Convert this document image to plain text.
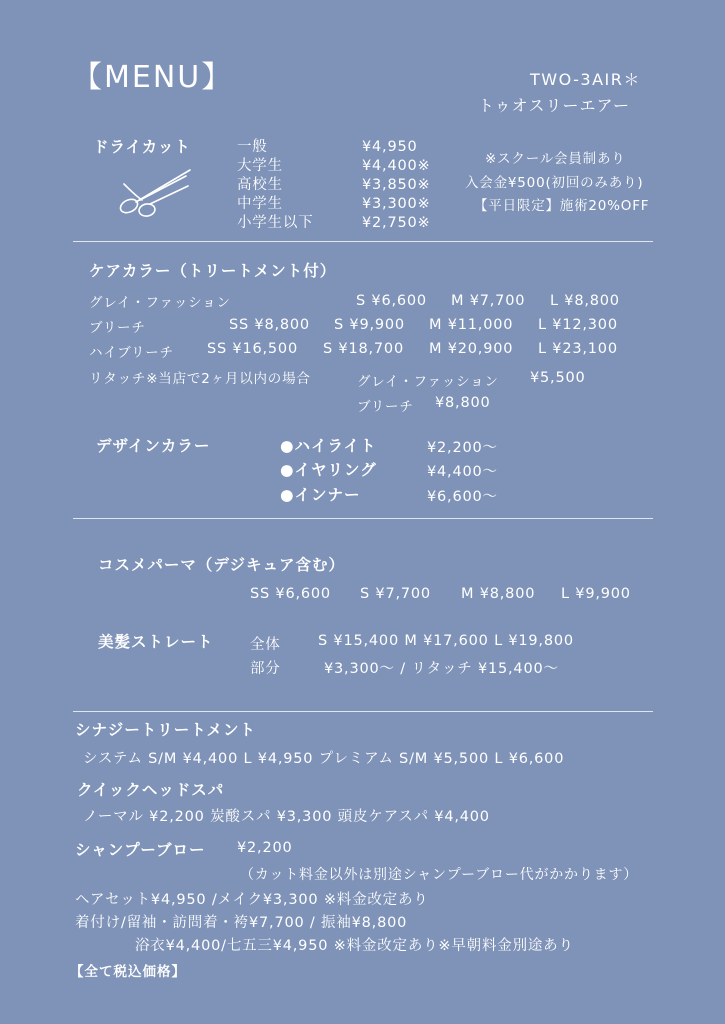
【MENU】	TWO-3AIR＊
トゥオスリーエアー
ドライカット	一般	¥4,950
大学生	¥4,400※
高校生	¥3,850※
中学生	¥3,300※
小学生以下	¥2,750※
※スクール会員制あり
入会金¥500(初回のみあり)
【平日限定】施術20%OFF
ケアカラー（トリートメント付）
グレイ・ファッション	S ¥6,600 M ¥7,700 L ¥8,800
ブリーチ	SS ¥8,800 S ¥9,900 M ¥11,000 L ¥12,300
ハイブリーチ SS ¥16,500 S ¥18,700 M ¥20,900 L ¥23,100
リタッチ※当店で2ヶ月以内の場合	グレイ・ファッション ¥5,500
ブリーチ ¥8,800
デザインカラー	●ハイライト	¥2,200〜
●イヤリング	¥4,400〜
●インナー	¥6,600〜
コスメパーマ（デジキュア含む）
SS ¥6,600 S ¥7,700 M ¥8,800 L ¥9,900
美髪ストレート	全体	S ¥15,400 M ¥17,600 L ¥19,800
部分	¥3,300〜 / リタッチ ¥15,400〜
シナジートリートメント
システム S/M ¥4,400 L ¥4,950 プレミアム S/M ¥5,500 L ¥6,600
クイックヘッドスパ
ノーマル ¥2,200 炭酸スパ ¥3,300 頭皮ケアスパ ¥4,400
シャンプーブロー ¥2,200
（カット料金以外は別途シャンプーブロー代がかかります）
ヘアセット¥4,950 /メイク¥3,300 ※料金改定あり
着付け/留袖・訪問着・袴¥7,700 / 振袖¥8,800
浴衣¥4,400/七五三¥4,950 ※料金改定あり※早朝料金別途あり
【全て税込価格】
